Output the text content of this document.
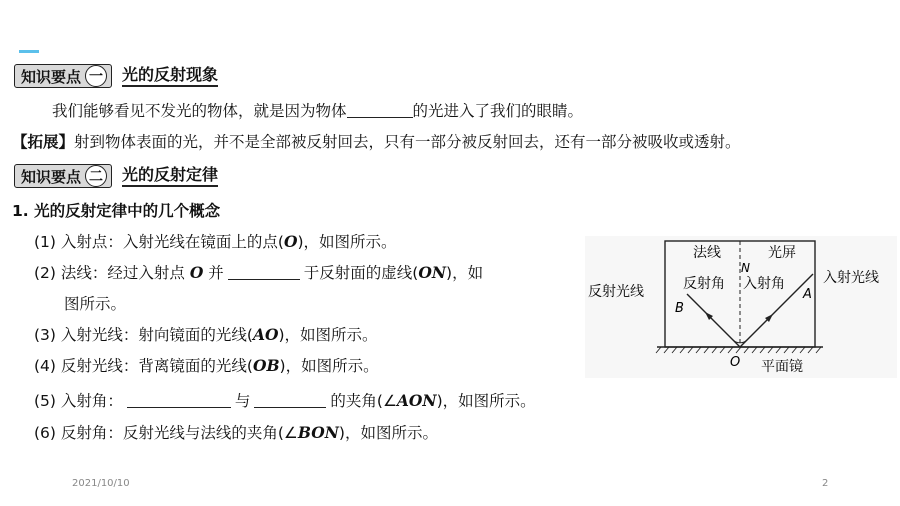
知识要点 一 光的反射现象
我们能够看见不发光的物体，就是因为物体	的光进入了我们的眼睛。
【拓展】射到物体表面的光，并不是全部被反射回去，只有一部分被反射回去，还有一部分被吸收或透射。
知识要点 二 光的反射定律
1. 光的反射定律中的几个概念
(1) 入射点：入射光线在镜面上的点(O)，如图所示。
(2) 法线：经过入射点 O 并	于反射面的虚线(ON)，如
图所示。
(3) 入射光线：射向镜面的光线(AO)，如图所示。
(4) 反射光线：背离镜面的光线(OB)，如图所示。
(5) 入射角：	与	的夹角(∠AON)，如图所示。
(6) 反射角：反射光线与法线的夹角(∠BON)，如图所示。
法线	光屏
反射角 入射角
N
反射光线
入射光线
A
B
O 平面镜
2021/10/10	2
